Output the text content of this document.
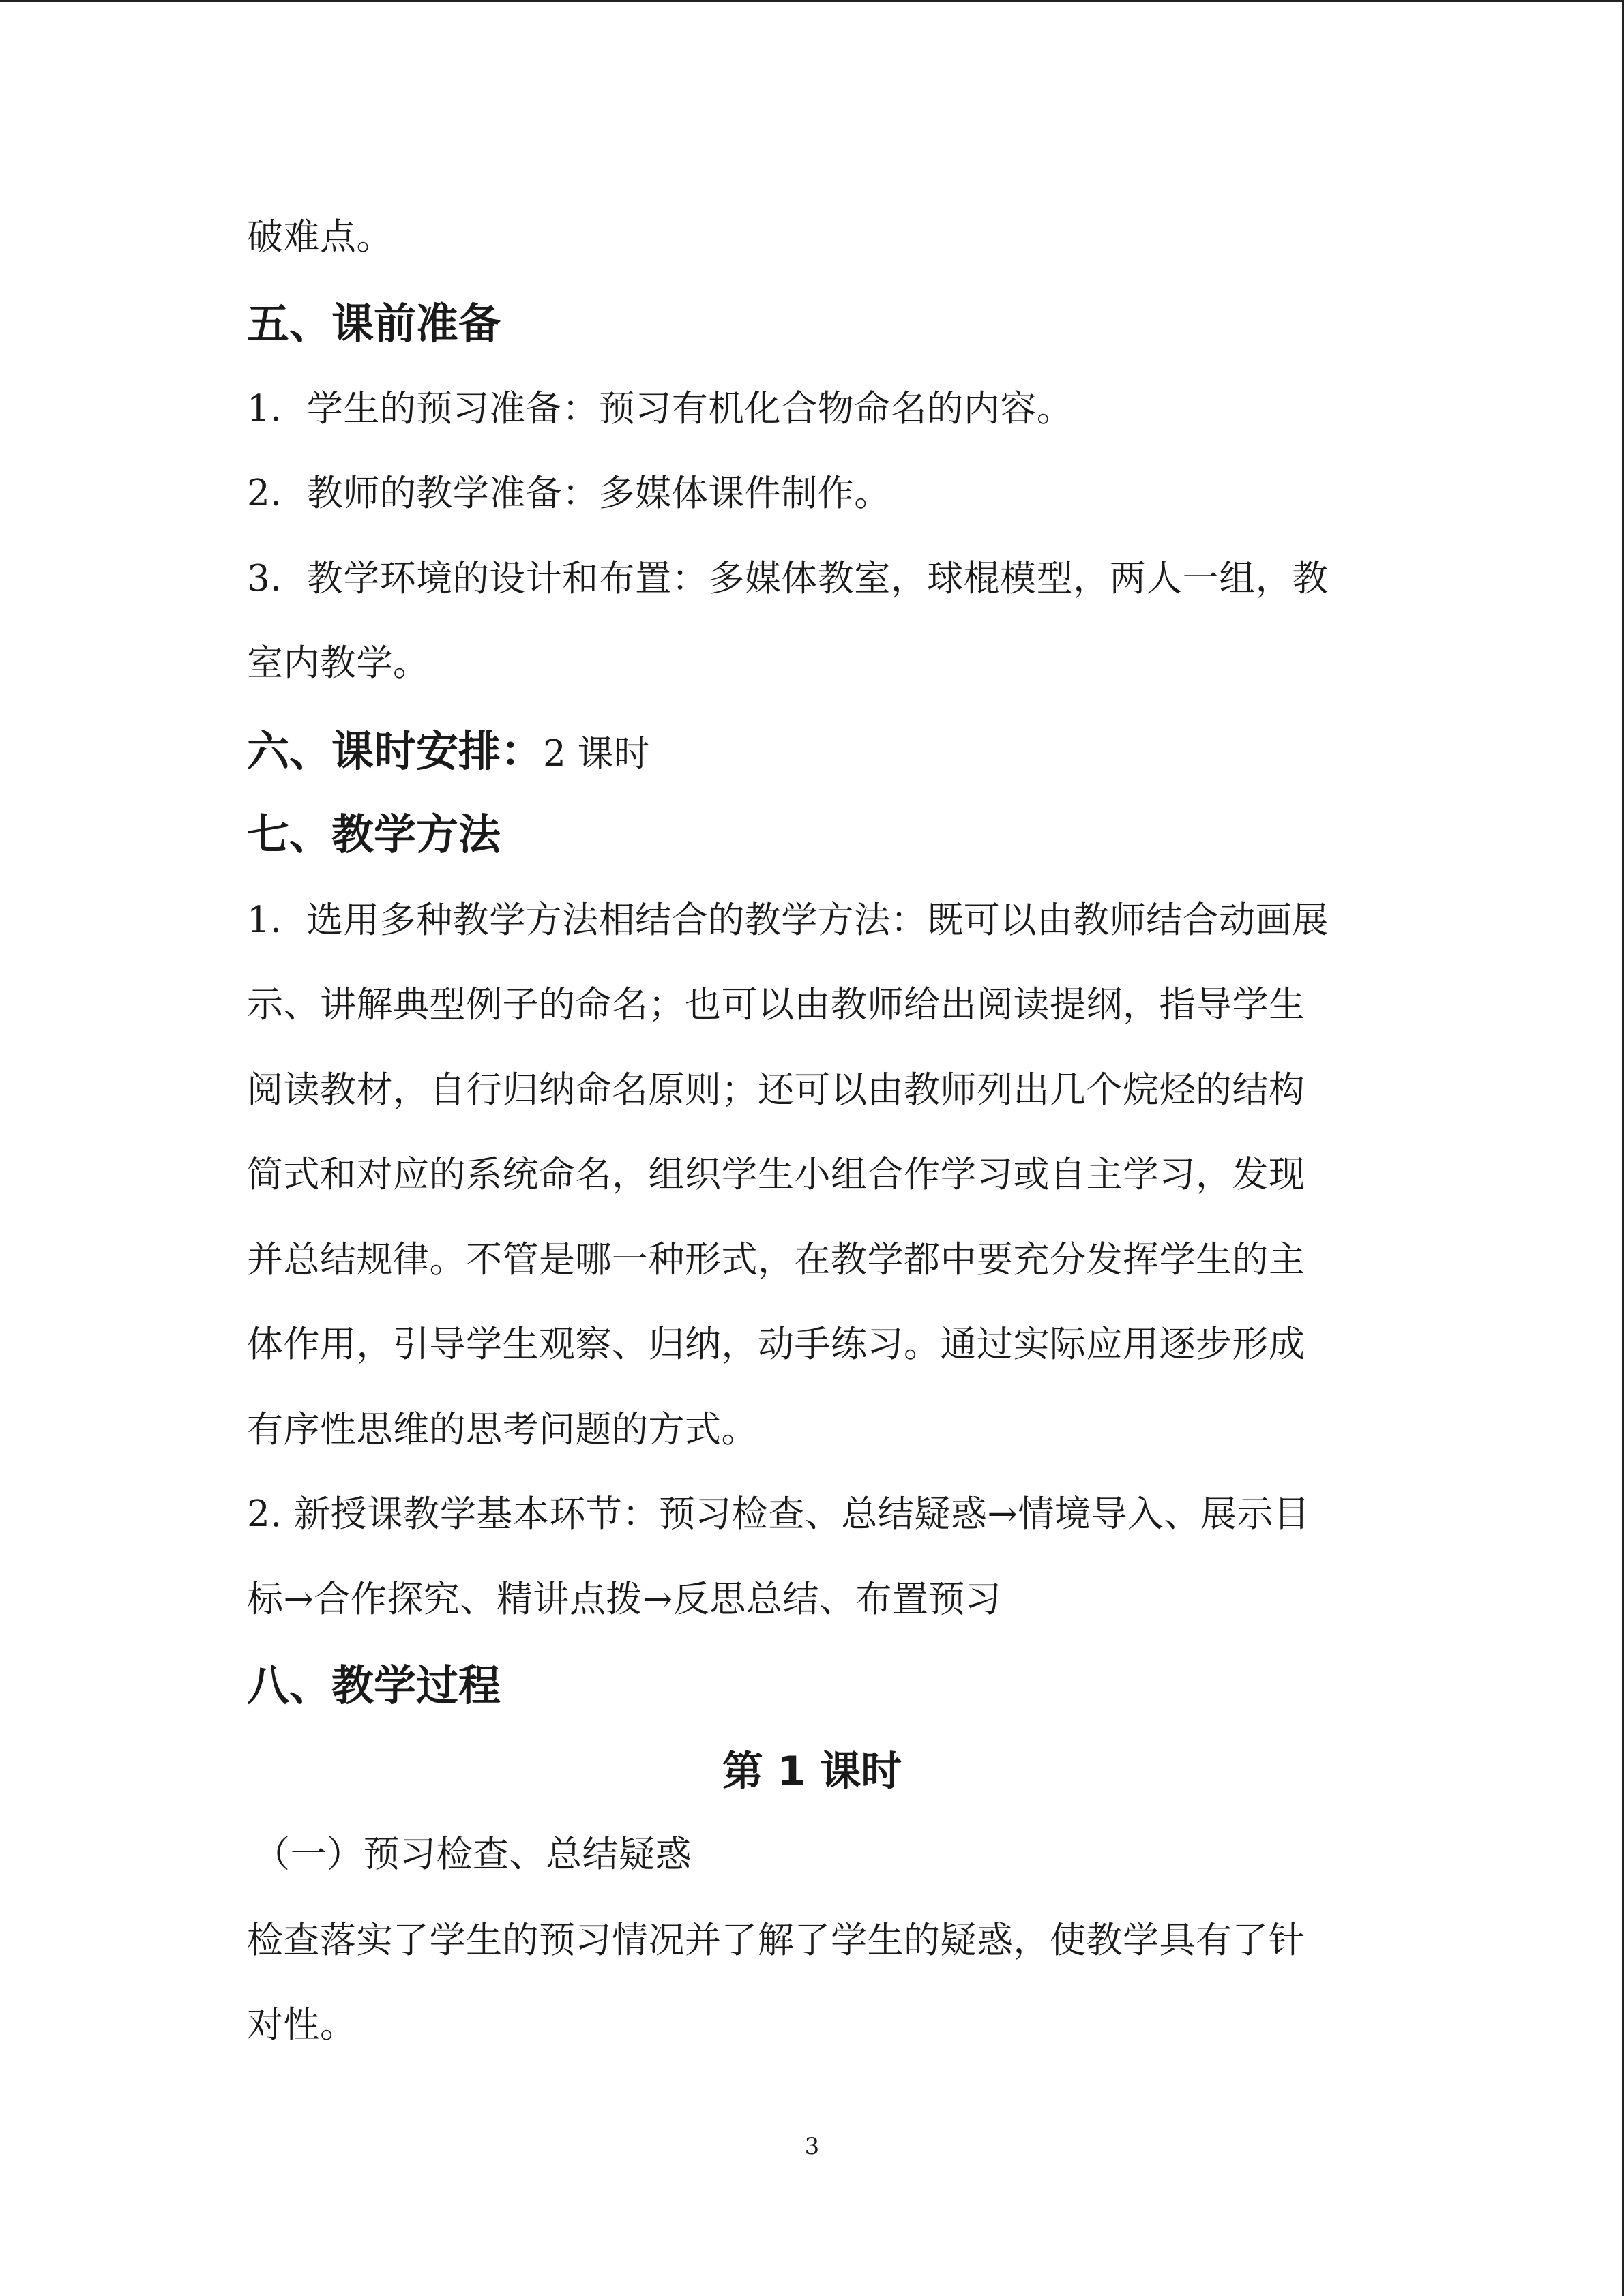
破难点。
五、课前准备
1．学生的预习准备：预习有机化合物命名的内容。
2．教师的教学准备：多媒体课件制作。
3．教学环境的设计和布置：多媒体教室，球棍模型，两人一组，教
室内教学。
六、课时安排：2 课时
七、教学方法
1．选用多种教学方法相结合的教学方法：既可以由教师结合动画展
示、讲解典型例子的命名；也可以由教师给出阅读提纲，指导学生
阅读教材，自行归纳命名原则；还可以由教师列出几个烷烃的结构
简式和对应的系统命名，组织学生小组合作学习或自主学习，发现
并总结规律。不管是哪一种形式，在教学都中要充分发挥学生的主
体作用，引导学生观察、归纳，动手练习。通过实际应用逐步形成
有序性思维的思考问题的方式。
2. 新授课教学基本环节：预习检查、总结疑惑→情境导入、展示目
标→合作探究、精讲点拨→反思总结、布置预习
八、教学过程
第 1 课时
（一）预习检查、总结疑惑
检查落实了学生的预习情况并了解了学生的疑惑，使教学具有了针
对性。
3
